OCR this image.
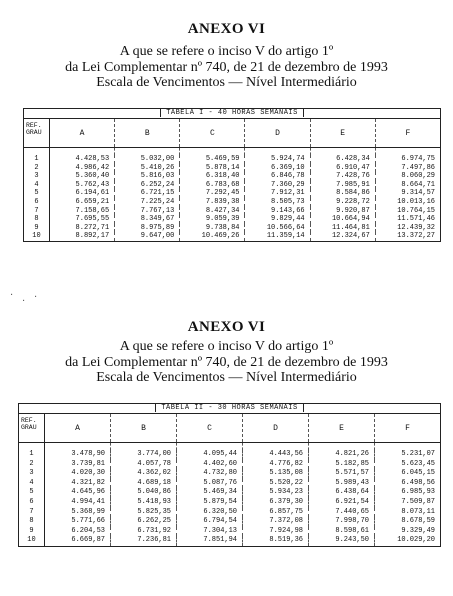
ANEXO VI
A que se refere o inciso V do artigo 1º
da Lei Complementar nº 740, de 21 de dezembro de 1993
Escala de Vencimentos — Nível Intermediário
TABELA I - 40 HORAS SEMANAIS						
REF.
GRAU	A	B	C	D	E	F

1	4.428,53	5.032,00	5.469,59	5.924,74	6.428,34	6.974,75
2	4.986,42	5.410,26	5.878,14	6.369,10	6.910,47	7.497,86
3	5.360,40	5.816,03	6.318,40	6.846,78	7.428,76	8.060,29
4	5.762,43	6.252,24	6.783,68	7.360,29	7.985,91	8.664,71
5	6.194,61	6.721,15	7.292,45	7.912,31	8.584,86	9.314,57
6	6.659,21	7.225,24	7.839,38	8.505,73	9.228,72	10.013,16
7	7.158,65	7.767,13	8.427,34	9.143,66	9.920,87	10.764,15
8	7.695,55	8.349,67	9.059,39	9.829,44	10.664,94	11.571,46
9	8.272,71	8.975,89	9.738,84	10.566,64	11.464,81	12.439,32
10	8.892,17	9.647,00	10.469,26	11.359,14	12.324,67	13.372,27
·
· ·
ANEXO VI
A que se refere o inciso V do artigo 1º
da Lei Complementar nº 740, de 21 de dezembro de 1993
Escala de Vencimentos — Nível Intermediário
TABELA II - 30 HORAS SEMANAIS						
REF.
GRAU	A	B	C	D	E	F

1	3.478,90	3.774,00	4.095,44	4.443,56	4.821,26	5.231,07
2	3.739,81	4.057,78	4.402,60	4.776,82	5.182,85	5.623,45
3	4.020,30	4.362,02	4.732,80	5.135,08	5.571,57	6.045,15
4	4.321,82	4.689,18	5.087,76	5.520,22	5.989,43	6.498,56
5	4.645,96	5.040,86	5.469,34	5.934,23	6.438,64	6.985,93
6	4.994,41	5.418,93	5.879,54	6.379,30	6.921,54	7.509,87
7	5.368,99	5.825,35	6.320,50	6.857,75	7.440,65	8.073,11
8	5.771,66	6.262,25	6.794,54	7.372,08	7.998,70	8.678,59
9	6.204,53	6.731,92	7.304,13	7.924,98	8.598,61	9.329,49
10	6.669,87	7.236,81	7.851,94	8.519,36	9.243,50	10.029,20
